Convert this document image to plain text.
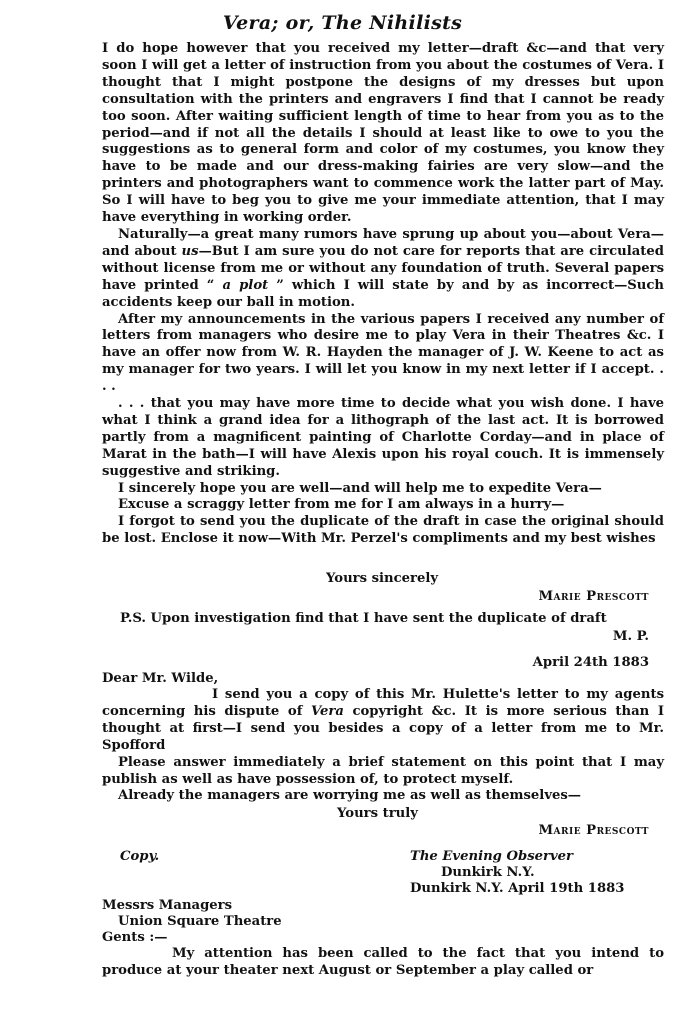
Vera; or, The Nihilists

I do hope however that you received my letter—draft &c—and that very soon I will get a letter of instruction from you about the costumes of Vera. I thought that I might postpone the designs of my dresses but upon consultation with the printers and engravers I find that I cannot be ready too soon. After waiting sufficient length of time to hear from you as to the period—and if not all the details I should at least like to owe to you the suggestions as to general form and color of my costumes, you know they have to be made and our dress-making fairies are very slow—and the printers and photographers want to commence work the latter part of May. So I will have to beg you to give me your immediate attention, that I may have everything in working order.

Naturally—a great many rumors have sprung up about you—about Vera—and about us—But I am sure you do not care for reports that are circulated without license from me or without any foundation of truth. Several papers have printed “ a plot ” which I will state by and by as incorrect—Such accidents keep our ball in motion.

After my announcements in the various papers I received any number of letters from managers who desire me to play Vera in their Theatres &c. I have an offer now from W. R. Hayden the manager of J. W. Keene to act as my manager for two years. I will let you know in my next letter if I accept. . . .

. . . that you may have more time to decide what you wish done. I have what I think a grand idea for a lithograph of the last act. It is borrowed partly from a magnificent painting of Charlotte Corday—and in place of Marat in the bath—I will have Alexis upon his royal couch. It is immensely suggestive and striking.

I sincerely hope you are well—and will help me to expedite Vera—

Excuse a scraggy letter from me for I am always in a hurry—

I forgot to send you the duplicate of the draft in case the original should be lost. Enclose it now—With Mr. Perzel's compliments and my best wishes

Yours sincerely
Marie Prescott
P.S. Upon investigation find that I have sent the duplicate of draft
M. P.
April 24th 1883
Dear Mr. Wilde,

I send you a copy of this Mr. Hulette's letter to my agents concerning his dispute of Vera copyright &c. It is more serious than I thought at first—I send you besides a copy of a letter from me to Mr. Spofford

Please answer immediately a brief statement on this point that I may publish as well as have possession of, to protect myself.

Already the managers are worrying me as well as themselves—

Yours truly
Marie Prescott
Copy.	The Evening Observer
Dunkirk N.Y.
Dunkirk N.Y. April 19th 1883
Messrs Managers
Union Square Theatre
Gents :—

My attention has been called to the fact that you intend to produce at your theater next August or September a play called or
